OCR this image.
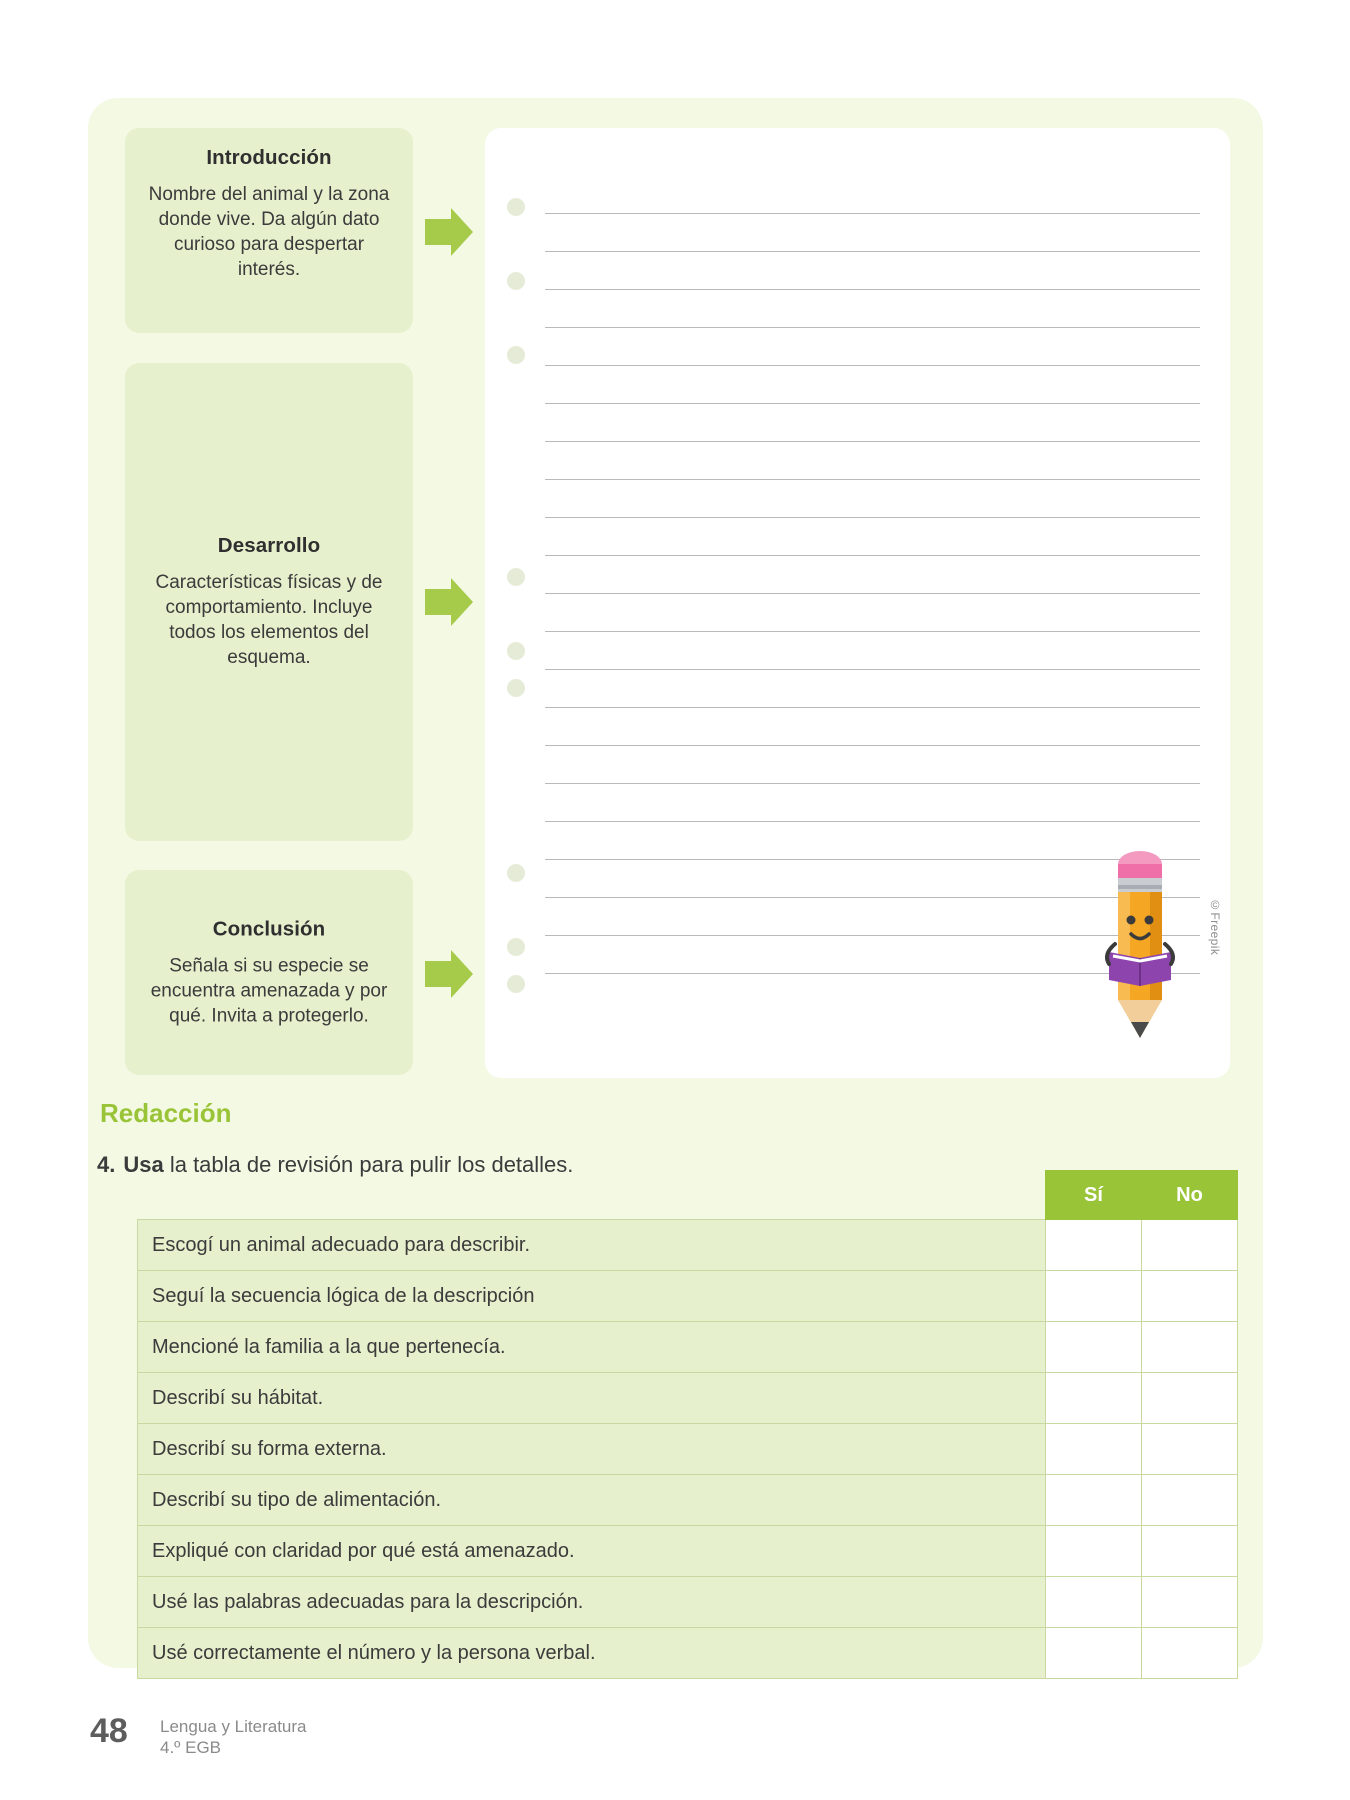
Introducción
Nombre del animal y la zona donde vive. Da algún dato curioso para despertar interés.
Desarrollo
Características físicas y de comportamiento. Incluye todos los elementos del esquema.
Conclusión
Señala si su especie se encuentra amenazada y por qué. Invita a protegerlo.
©Freepik
Redacción
4. Usa la tabla de revisión para pulir los detalles.
	Sí	No
Escogí un animal adecuado para describir.		
Seguí la secuencia lógica de la descripción		
Mencioné la familia a la que pertenecía.		
Describí su hábitat.		
Describí su forma externa.		
Describí su tipo de alimentación.		
Expliqué con claridad por qué está amenazado.		
Usé las palabras adecuadas para la descripción.		
Usé correctamente el número y la persona verbal.		
48 Lengua y Literatura
4.º EGB
